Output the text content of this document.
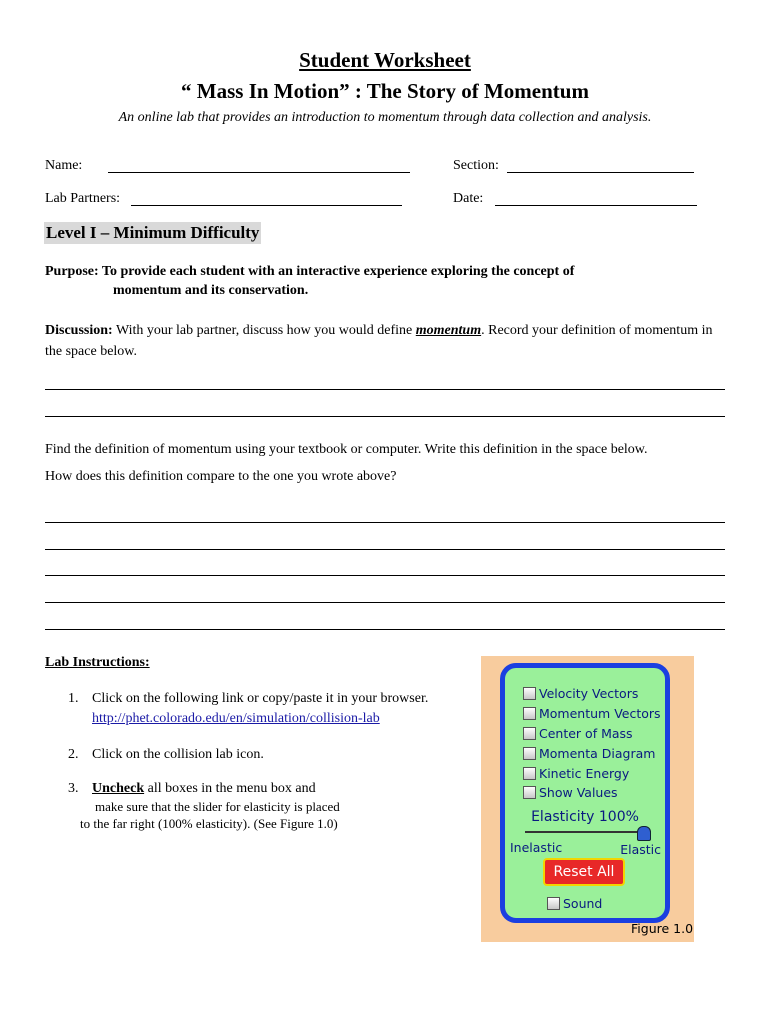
Student Worksheet
“ Mass In Motion” : The Story of Momentum
An online lab that provides an introduction to momentum through data collection and analysis.
Name:	Section:
Lab Partners:	Date:
Level I – Minimum Difficulty
Purpose: To provide each student with an interactive experience exploring the concept of
momentum and its conservation.
Discussion: With your lab partner, discuss how you would define momentum. Record your definition of momentum in the space below.
Find the definition of momentum using your textbook or computer. Write this definition in the space below.
How does this definition compare to the one you wrote above?
Lab Instructions:
1. Click on the following link or copy/paste it in your browser.
http://phet.colorado.edu/en/simulation/collision-lab
2. Click on the collision lab icon.
3. Uncheck all boxes in the menu box and
make sure that the slider for elasticity is placed
to the far right (100% elasticity). (See Figure 1.0)
Velocity Vectors
Momentum Vectors
Center of Mass
Momenta Diagram
Kinetic Energy
Show Values
Elasticity 100%
Inelastic	Elastic
Reset All
Sound
Figure 1.0
